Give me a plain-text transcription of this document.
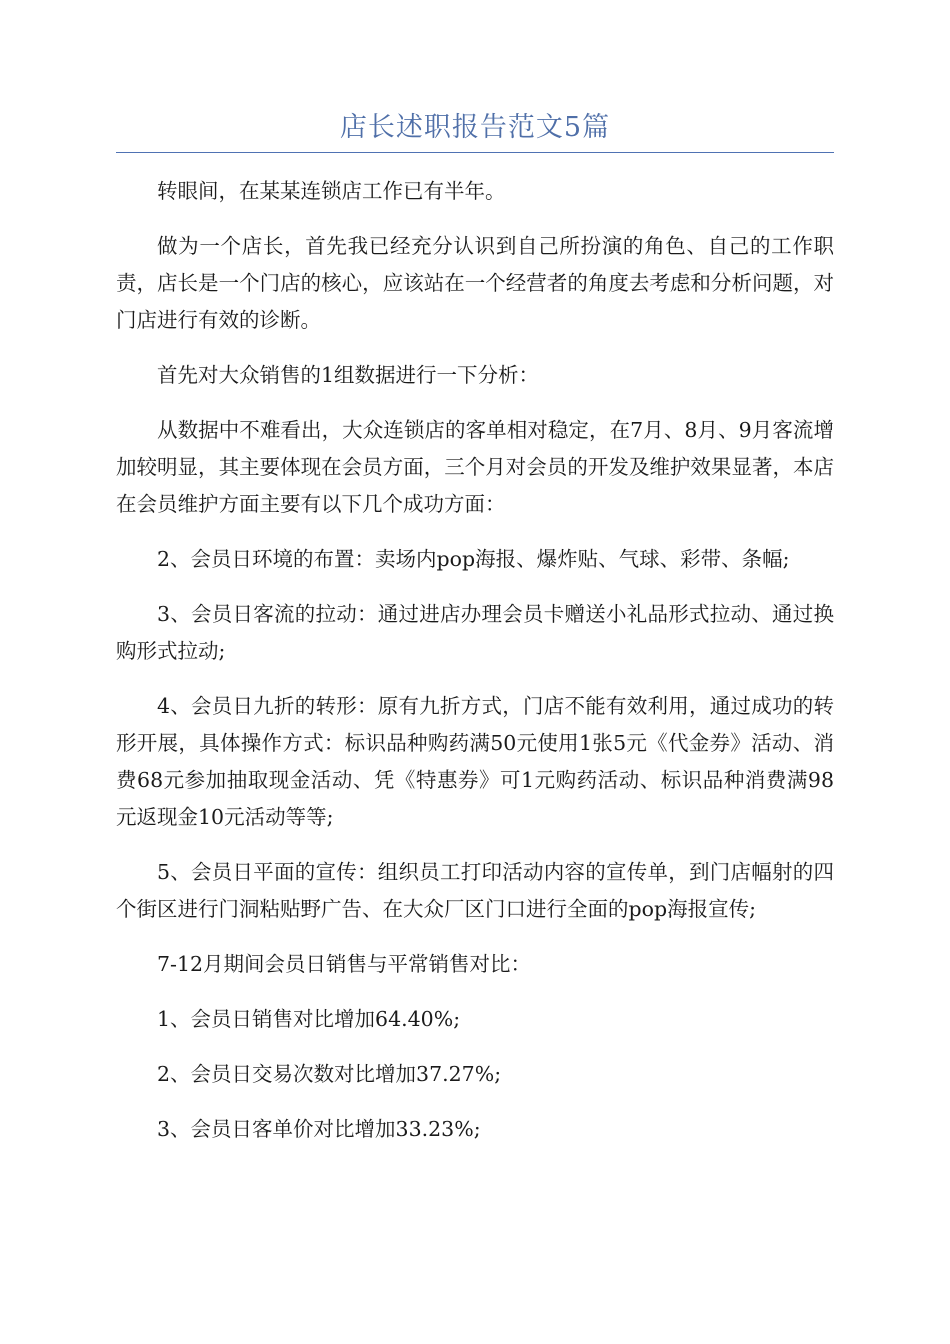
店长述职报告范文5篇

转眼间，在某某连锁店工作已有半年。

做为一个店长，首先我已经充分认识到自己所扮演的角色、自己的工作职责，店长是一个门店的核心，应该站在一个经营者的角度去考虑和分析问题，对门店进行有效的诊断。

首先对大众销售的1组数据进行一下分析：

从数据中不难看出，大众连锁店的客单相对稳定，在7月、8月、9月客流增加较明显，其主要体现在会员方面，三个月对会员的开发及维护效果显著，本店在会员维护方面主要有以下几个成功方面：

2、会员日环境的布置：卖场内pop海报、爆炸贴、气球、彩带、条幅;

3、会员日客流的拉动：通过进店办理会员卡赠送小礼品形式拉动、通过换购形式拉动;

4、会员日九折的转形：原有九折方式，门店不能有效利用，通过成功的转形开展，具体操作方式：标识品种购药满50元使用1张5元《代金券》活动、消费68元参加抽取现金活动、凭《特惠券》可1元购药活动、标识品种消费满98元返现金10元活动等等;

5、会员日平面的宣传：组织员工打印活动内容的宣传单，到门店幅射的四个街区进行门洞粘贴野广告、在大众厂区门口进行全面的pop海报宣传;

7-12月期间会员日销售与平常销售对比：

1、会员日销售对比增加64.40%;

2、会员日交易次数对比增加37.27%;

3、会员日客单价对比增加33.23%;
